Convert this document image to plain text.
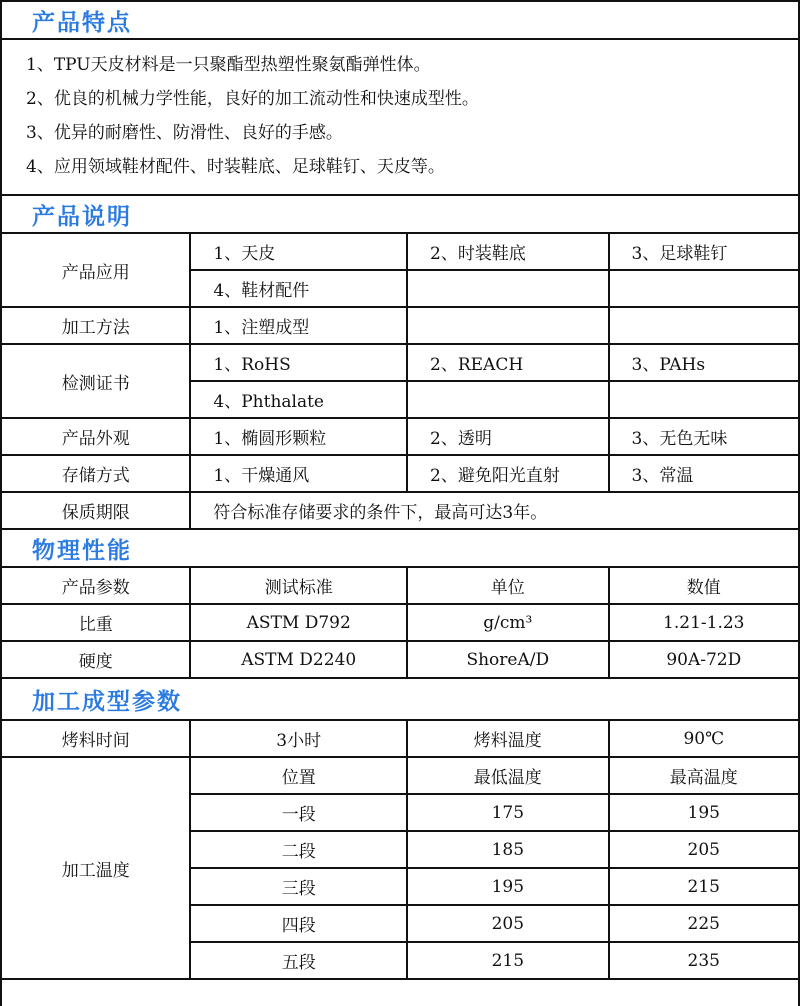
产品特点			

1、TPU天皮材料是一只聚酯型热塑性聚氨酯弹性体。
2、优良的机械力学性能，良好的加工流动性和快速成型性。
3、优异的耐磨性、防滑性、良好的手感。
4、应用领域鞋材配件、时装鞋底、足球鞋钉、天皮等。			

产品说明			
产品应用	1、天皮	2、时装鞋底	3、足球鞋钉
	4、鞋材配件		
加工方法	1、注塑成型		
检测证书	1、RoHS	2、REACH	3、PAHs
	4、Phthalate		
产品外观	1、椭圆形颗粒	2、透明	3、无色无味
存储方式	1、干燥通风	2、避免阳光直射	3、常温
保质期限	符合标准存储要求的条件下，最高可达3年。		
物理性能			
产品参数	测试标准	单位	数值
比重	ASTM D792	g/cm³	1.21-1.23
硬度	ASTM D2240	ShoreA/D	90A-72D
加工成型参数			
烤料时间	3小时	烤料温度	90℃
加工温度	位置	最低温度	最高温度
	一段	175	195
	二段	185	205
	三段	195	215
	四段	205	225
	五段	215	235
